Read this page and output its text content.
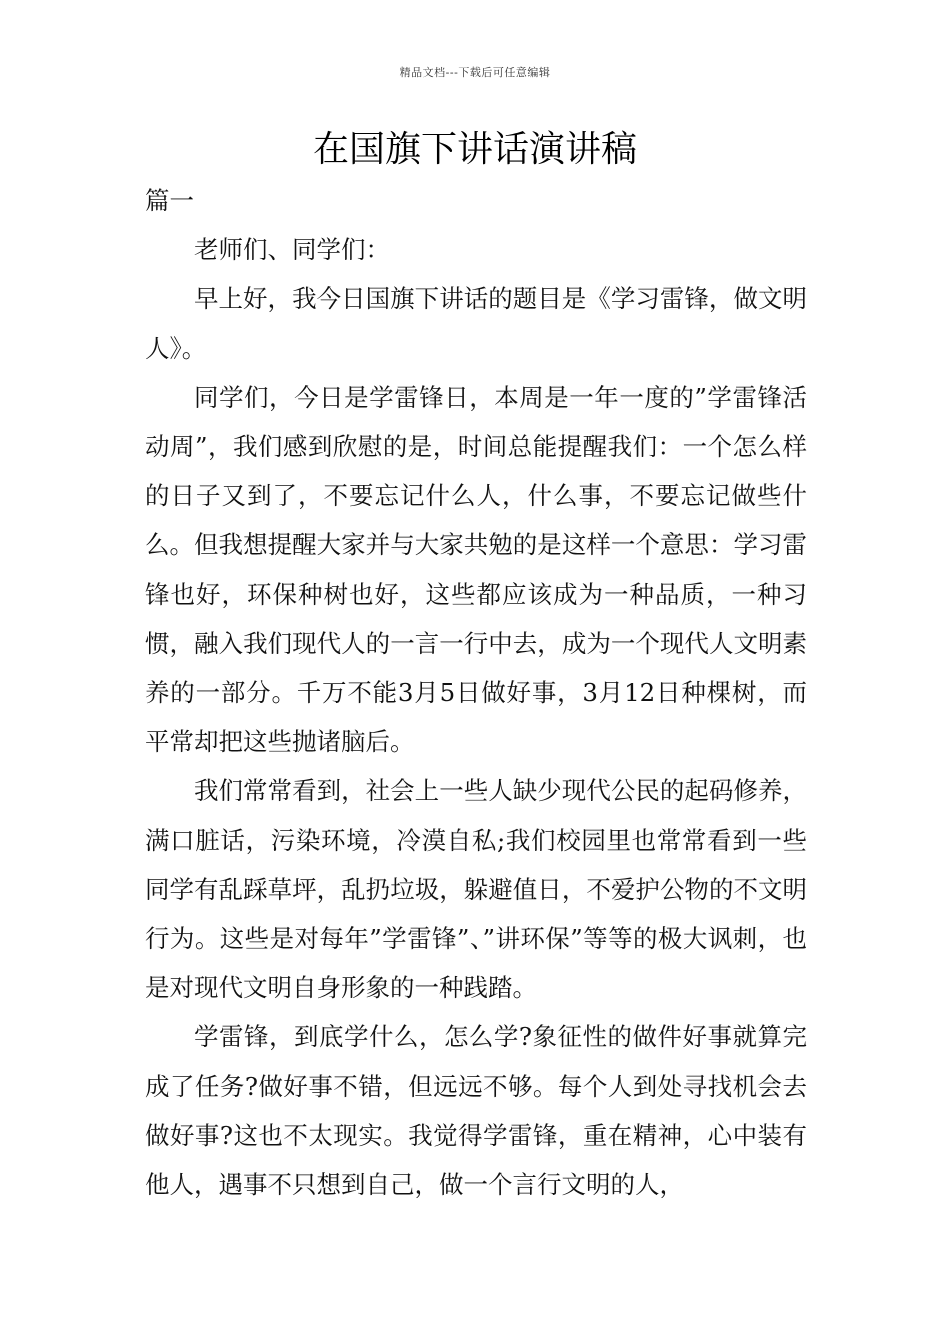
精品文档---下载后可任意编辑
在国旗下讲话演讲稿

篇一

老师们、同学们：

早上好，我今日国旗下讲话的题目是《学习雷锋，做文明人》。

同学们，今日是学雷锋日，本周是一年一度的”学雷锋活动周”，我们感到欣慰的是，时间总能提醒我们：一个怎么样的日子又到了，不要忘记什么人，什么事，不要忘记做些什么。但我想提醒大家并与大家共勉的是这样一个意思：学习雷锋也好，环保种树也好，这些都应该成为一种品质，一种习惯，融入我们现代人的一言一行中去，成为一个现代人文明素养的一部分。千万不能3月5日做好事，3月12日种棵树，而平常却把这些抛诸脑后。

我们常常看到，社会上一些人缺少现代公民的起码修养，满口脏话，污染环境，冷漠自私;我们校园里也常常看到一些同学有乱踩草坪，乱扔垃圾，躲避值日，不爱护公物的不文明行为。这些是对每年”学雷锋”、”讲环保”等等的极大讽刺，也是对现代文明自身形象的一种践踏。

学雷锋，到底学什么，怎么学?象征性的做件好事就算完成了任务?做好事不错，但远远不够。每个人到处寻找机会去做好事?这也不太现实。我觉得学雷锋，重在精神，心中装有他人，遇事不只想到自己，做一个言行文明的人，
